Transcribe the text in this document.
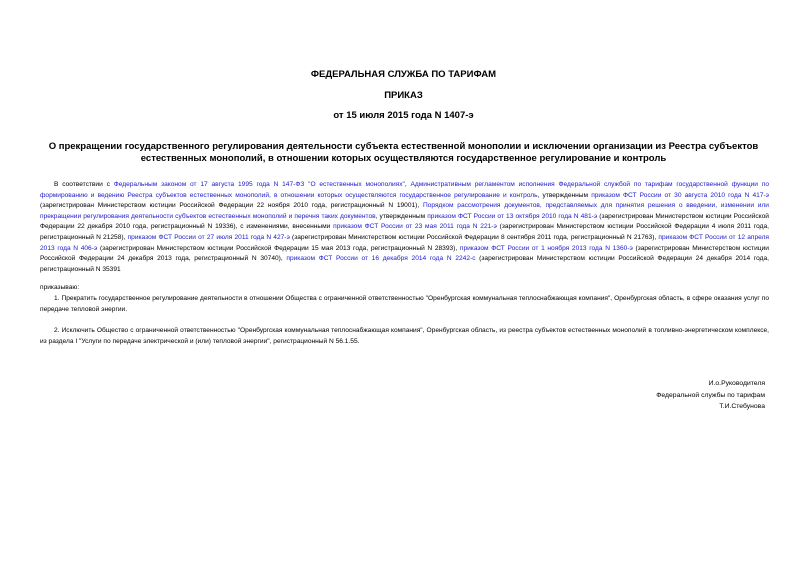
ФЕДЕРАЛЬНАЯ СЛУЖБА ПО ТАРИФАМ
ПРИКАЗ
от 15 июля 2015 года N 1407-э
О прекращении государственного регулирования деятельности субъекта естественной монополии и исключении организации из Реестра субъектов естественных монополий, в отношении которых осуществляются государственное регулирование и контроль
В соответствии с Федеральным законом от 17 августа 1995 года N 147-ФЗ "О естественных монополиях", Административным регламентом исполнения Федеральной службой по тарифам государственной функции по формированию и ведению Реестра субъектов естественных монополий, в отношении которых осуществляются государственное регулирование и контроль, утвержденным приказом ФСТ России от 30 августа 2010 года N 417-э (зарегистрирован Министерством юстиции Российской Федерации 22 ноября 2010 года, регистрационный N 19001), Порядком рассмотрения документов, представляемых для принятия решения о введении, изменении или прекращении регулирования деятельности субъектов естественных монополий и перечня таких документов, утвержденным приказом ФСТ России от 13 октября 2010 года N 481-э (зарегистрирован Министерством юстиции Российской Федерации 22 декабря 2010 года, регистрационный N 19336), с изменениями, внесенными приказом ФСТ России от 23 мая 2011 года N 221-э (зарегистрирован Министерством юстиции Российской Федерации 4 июля 2011 года, регистрационный N 21258), приказом ФСТ России от 27 июля 2011 года N 427-э (зарегистрирован Министерством юстиции Российской Федерации 8 сентября 2011 года, регистрационный N 21763), приказом ФСТ России от 12 апреля 2013 года N 406-э (зарегистрирован Министерством юстиции Российской Федерации 15 мая 2013 года, регистрационный N 28393), приказом ФСТ России от 1 ноября 2013 года N 1360-э (зарегистрирован Министерством юстиции Российской Федерации 24 декабря 2013 года, регистрационный N 30740), приказом ФСТ России от 16 декабря 2014 года N 2242-с (зарегистрирован Министерством юстиции Российской Федерации 24 декабря 2014 года, регистрационный N 35391
приказываю:
1. Прекратить государственное регулирование деятельности в отношении Общества с ограниченной ответственностью "Оренбургская коммунальная теплоснабжающая компания", Оренбургская область, в сфере оказания услуг по передаче тепловой энергии.
2. Исключить Общество с ограниченной ответственностью "Оренбургская коммунальная теплоснабжающая компания", Оренбургская область, из реестра субъектов естественных монополий в топливно-энергетическом комплексе, из раздела I "Услуги по передаче электрической и (или) тепловой энергии", регистрационный N 56.1.55.
И.о.Руководителя
Федеральной службы по тарифам
Т.И.Стебунова
